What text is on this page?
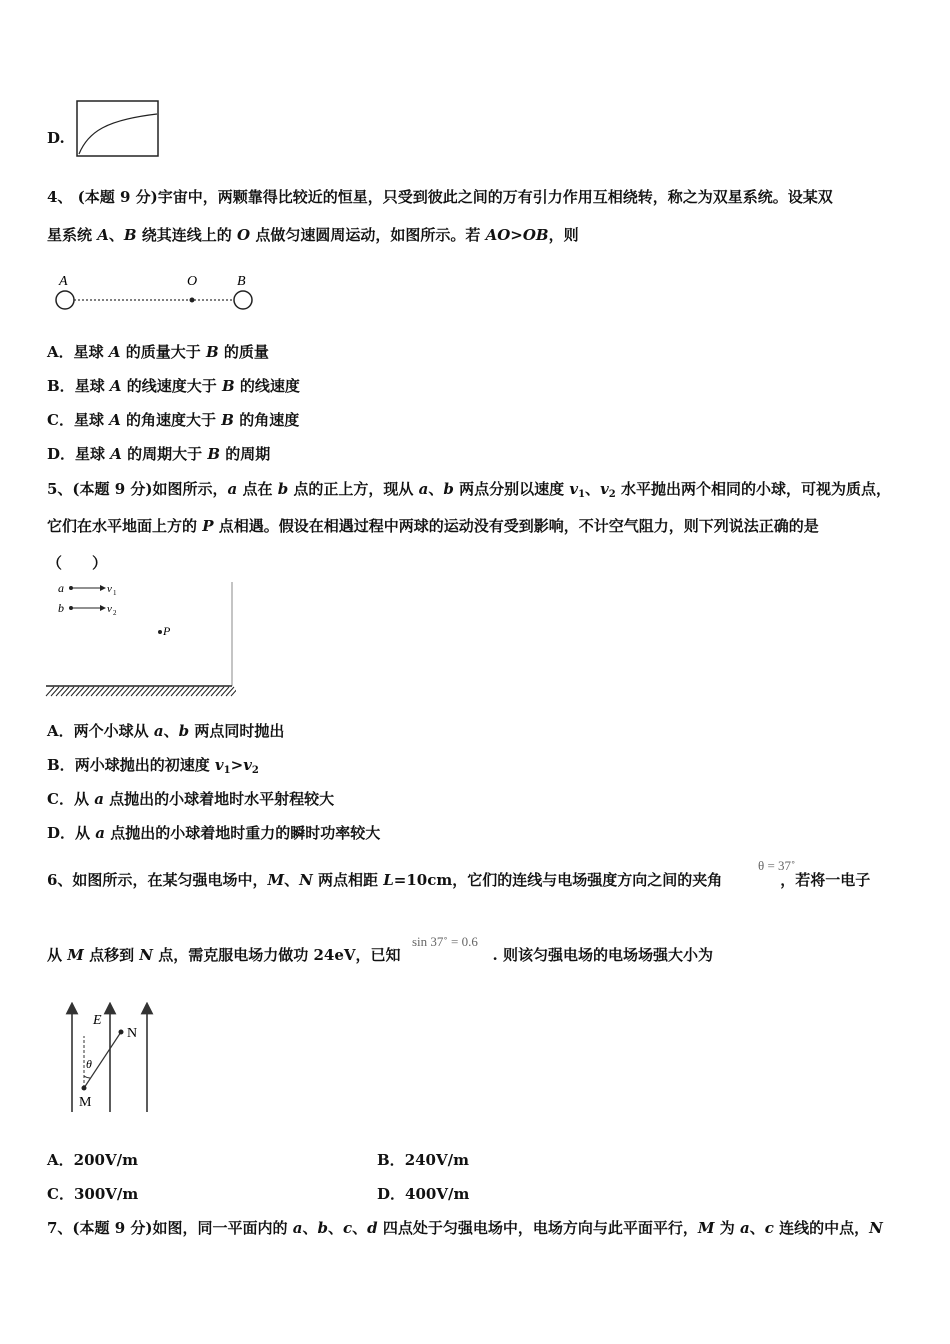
D.
4、 (本题 9 分)宇宙中，两颗靠得比较近的恒星，只受到彼此之间的万有引力作用互相绕转，称之为双星系统。设某双
星系统 A、B 绕其连线上的 O 点做匀速圆周运动，如图所示。若 AO>OB，则
A	O	B
A．星球 A 的质量大于 B 的质量
B．星球 A 的线速度大于 B 的线速度
C．星球 A 的角速度大于 B 的角速度
D．星球 A 的周期大于 B 的周期
5、(本题 9 分)如图所示，a 点在 b 点的正上方，现从 a、b 两点分别以速度 $v_1$、$v_2$ 水平抛出两个相同的小球，可视为质点，
它们在水平地面上方的 P 点相遇。假设在相遇过程中两球的运动没有受到影响，不计空气阻力，则下列说法正确的是
（　　）
a	v 1
b	v 2
P
A．两个小球从 a、b 两点同时抛出
B．两小球抛出的初速度 $v_1>v_2$
C．从 a 点抛出的小球着地时水平射程较大
D．从 a 点抛出的小球着地时重力的瞬时功率较大
6、如图所示，在某匀强电场中，M、N 两点相距 L=10cm，它们的连线与电场强度方向之间的夹角	，若将一电子
θ = 37˚
从 M 点移到 N 点，需克服电场力做功 24eV，已知	. 则该匀强电场的电场场强大小为
sin 37˚ = 0.6
E
N
M
θ
A．200V/m	B．240V/m
C．300V/m	D．400V/m
7、(本题 9 分)如图，同一平面内的 a、b、c、d 四点处于匀强电场中，电场方向与此平面平行，M 为 a、c 连线的中点，N
